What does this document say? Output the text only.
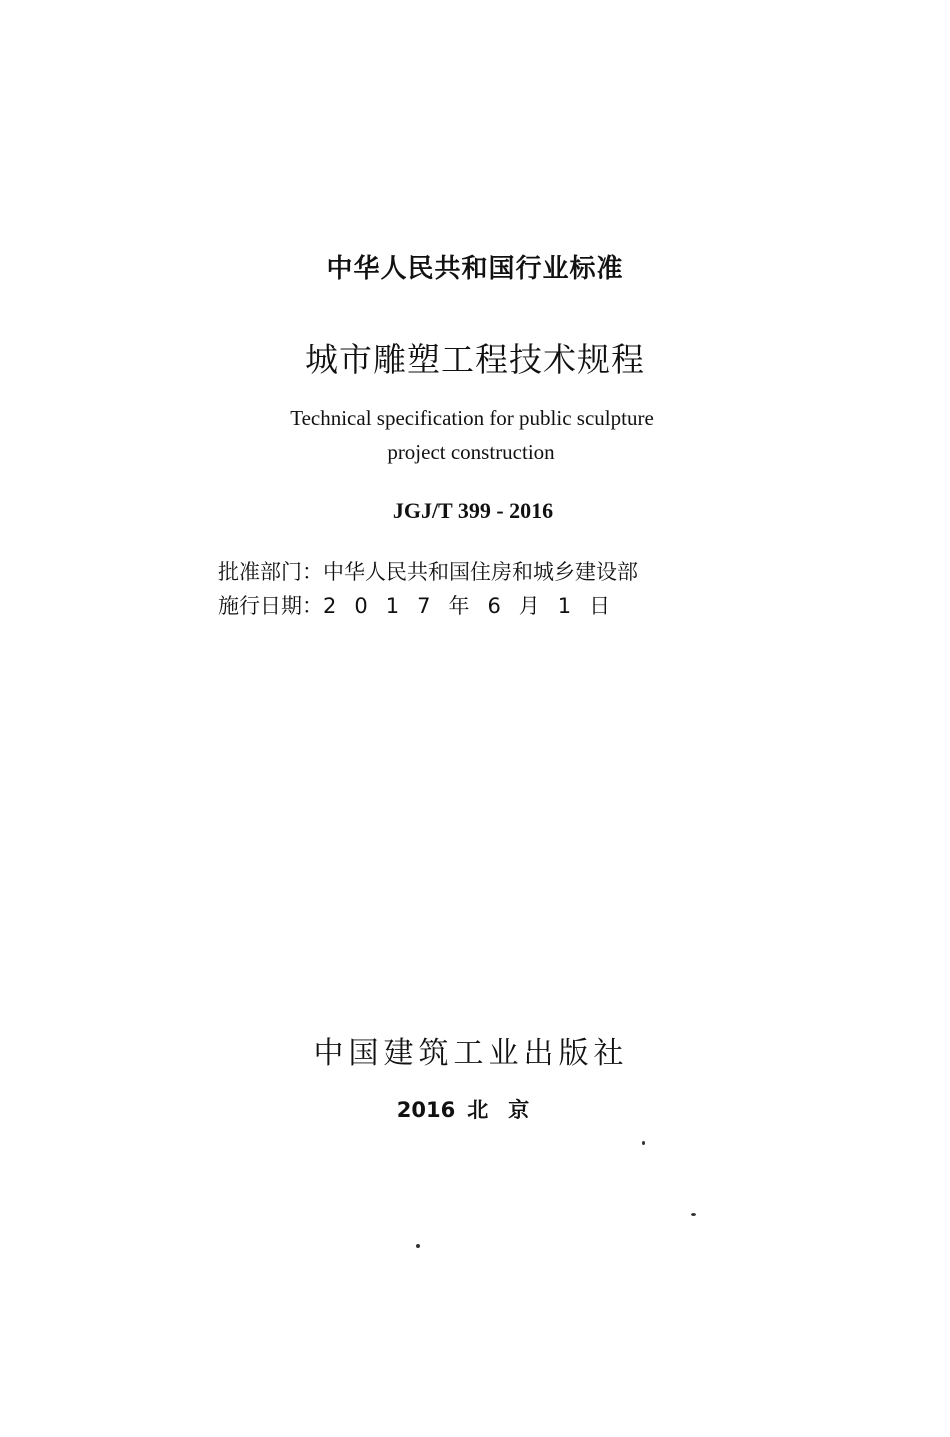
中华人民共和国行业标准
城市雕塑工程技术规程
Technical specification for public sculpture
project construction
JGJ/T 399 - 2016
批准部门：中华人民共和国住房和城乡建设部
施行日期：2017年6月1日
中国建筑工业出版社
2016 北京
